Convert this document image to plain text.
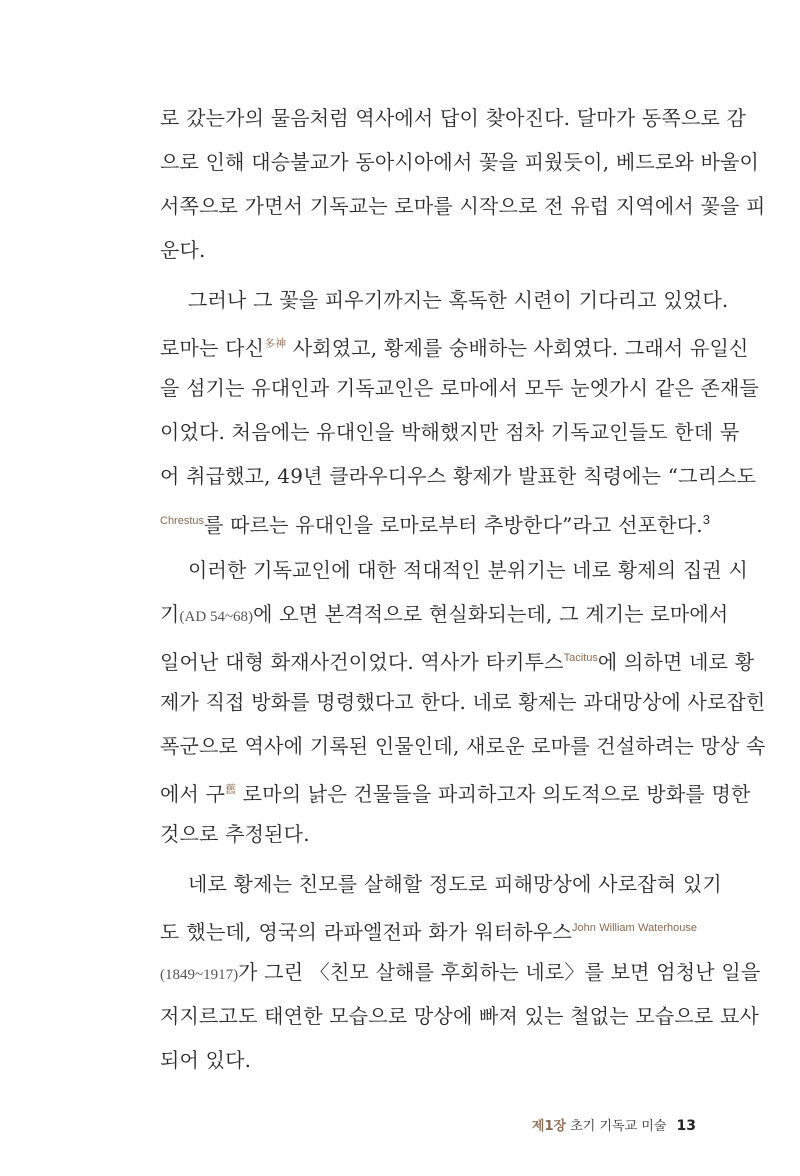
로 갔는가의 물음처럼 역사에서 답이 찾아진다. 달마가 동쪽으로 감
으로 인해 대승불교가 동아시아에서 꽃을 피웠듯이, 베드로와 바울이
서쪽으로 가면서 기독교는 로마를 시작으로 전 유럽 지역에서 꽃을 피
운다.
그러나 그 꽃을 피우기까지는 혹독한 시련이 기다리고 있었다.
로마는 다신$^{多神}$ 사회였고, 황제를 숭배하는 사회였다. 그래서 유일신
을 섬기는 유대인과 기독교인은 로마에서 모두 눈엣가시 같은 존재들
이었다. 처음에는 유대인을 박해했지만 점차 기독교인들도 한데 묶
어 취급했고, 49년 클라우디우스 황제가 발표한 칙령에는 “그리스도
$^{Chrestus}$를 따르는 유대인을 로마로부터 추방한다”라고 선포한다.$^3$
이러한 기독교인에 대한 적대적인 분위기는 네로 황제의 집권 시
기(AD 54~68)에 오면 본격적으로 현실화되는데, 그 계기는 로마에서
일어난 대형 화재사건이었다. 역사가 타키투스$^{Tacitus}$에 의하면 네로 황
제가 직접 방화를 명령했다고 한다. 네로 황제는 과대망상에 사로잡힌
폭군으로 역사에 기록된 인물인데, 새로운 로마를 건설하려는 망상 속
에서 구$^舊$ 로마의 낡은 건물들을 파괴하고자 의도적으로 방화를 명한
것으로 추정된다.
네로 황제는 친모를 살해할 정도로 피해망상에 사로잡혀 있기
도 했는데, 영국의 라파엘전파 화가 워터하우스$^{John William Waterhouse}$
(1849~1917)가 그린 〈친모 살해를 후회하는 네로〉를 보면 엄청난 일을
저지르고도 태연한 모습으로 망상에 빠져 있는 철없는 모습으로 묘사
되어 있다.
제1장 초기 기독교 미술 13
